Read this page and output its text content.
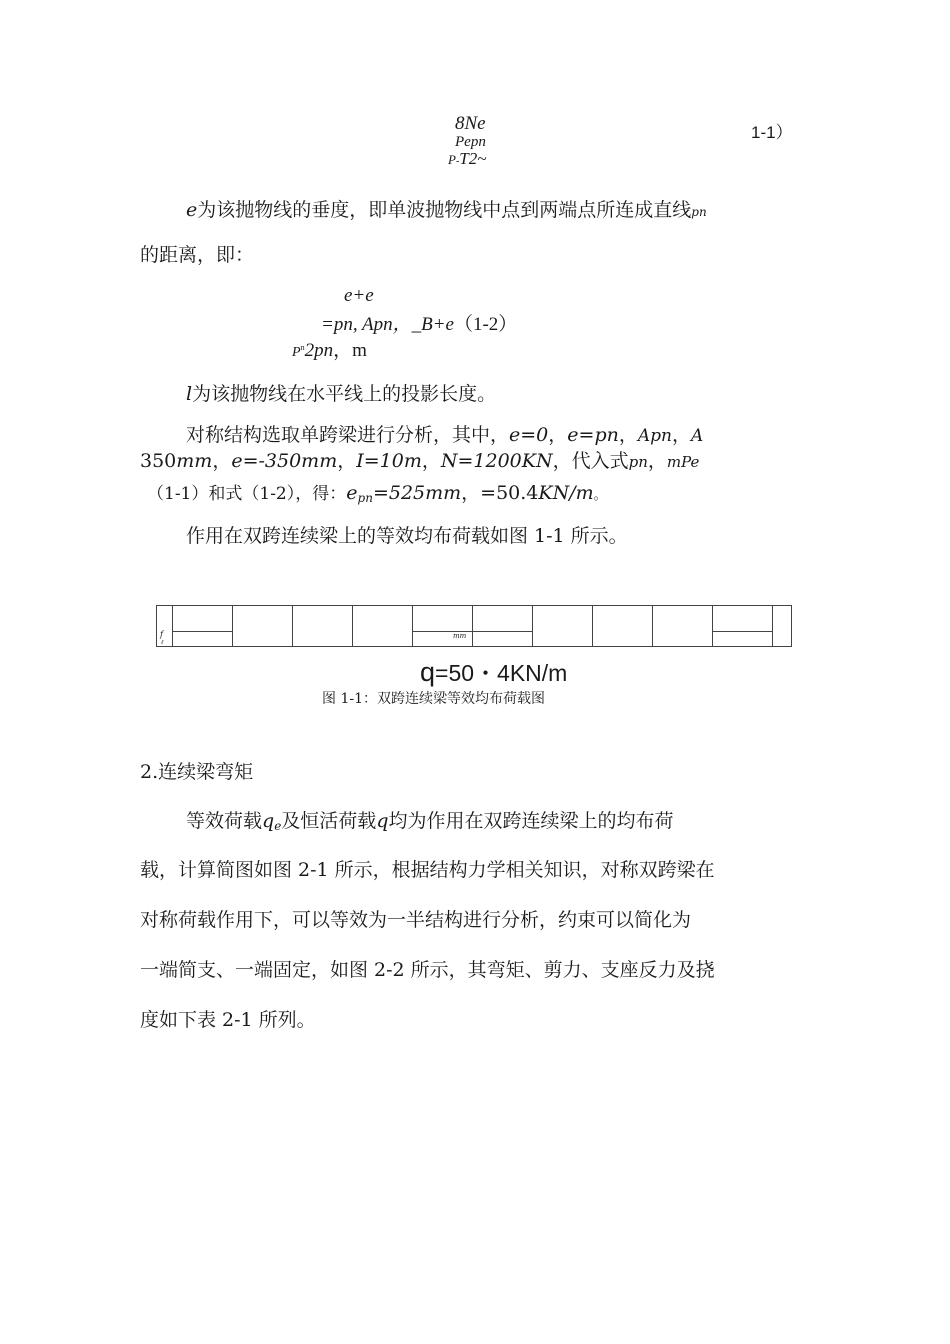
8Ne
Pepn
P-T2~
1-1）
e为该抛物线的垂度，即单波抛物线中点到两端点所连成直线pn
的距离，即：
e+e
=pn, Apn，_B+e（1-2）
$P^n2pn$，m
l为该抛物线在水平线上的投影长度。
对称结构选取单跨梁进行分析，其中，e=0，e=pn，Apn，A
350mm，e=-350mm，I=10m，N=1200KN，代入式pn，mPe
（1-1）和式（1-2），得：$e_{pn}=525mm$，=50.4KN/m。
作用在双跨连续梁上的等效均布荷载如图 1-1 所示。
f
ℓ
mm
q=50・4KN/m
图 1-1：双跨连续梁等效均布荷载图
2.连续梁弯矩
等效荷载$q_e$及恒活荷载q均为作用在双跨连续梁上的均布荷
载，计算简图如图 2-1 所示，根据结构力学相关知识，对称双跨梁在
对称荷载作用下，可以等效为一半结构进行分析，约束可以简化为
一端简支、一端固定，如图 2-2 所示，其弯矩、剪力、支座反力及挠
度如下表 2-1 所列。
